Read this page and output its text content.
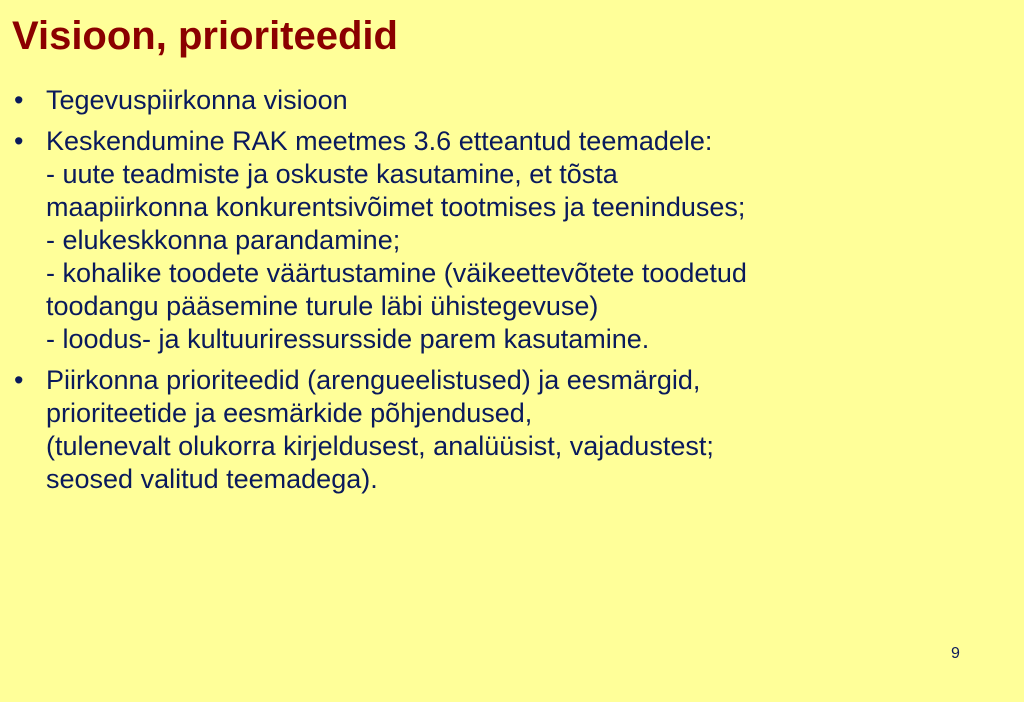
Visioon, prioriteedid
• Tegevuspiirkonna visioon
• Keskendumine RAK meetmes 3.6 etteantud teemadele:
- uute teadmiste ja oskuste kasutamine, et tõsta
maapiirkonna konkurentsivõimet tootmises ja teeninduses;
- elukeskkonna parandamine;
- kohalike toodete väärtustamine (väikeettevõtete toodetud
toodangu pääsemine turule läbi ühistegevuse)
- loodus- ja kultuuriressursside parem kasutamine.
• Piirkonna prioriteedid (arengueelistused) ja eesmärgid,
prioriteetide ja eesmärkide põhjendused,
(tulenevalt olukorra kirjeldusest, analüüsist, vajadustest;
seosed valitud teemadega).
9
